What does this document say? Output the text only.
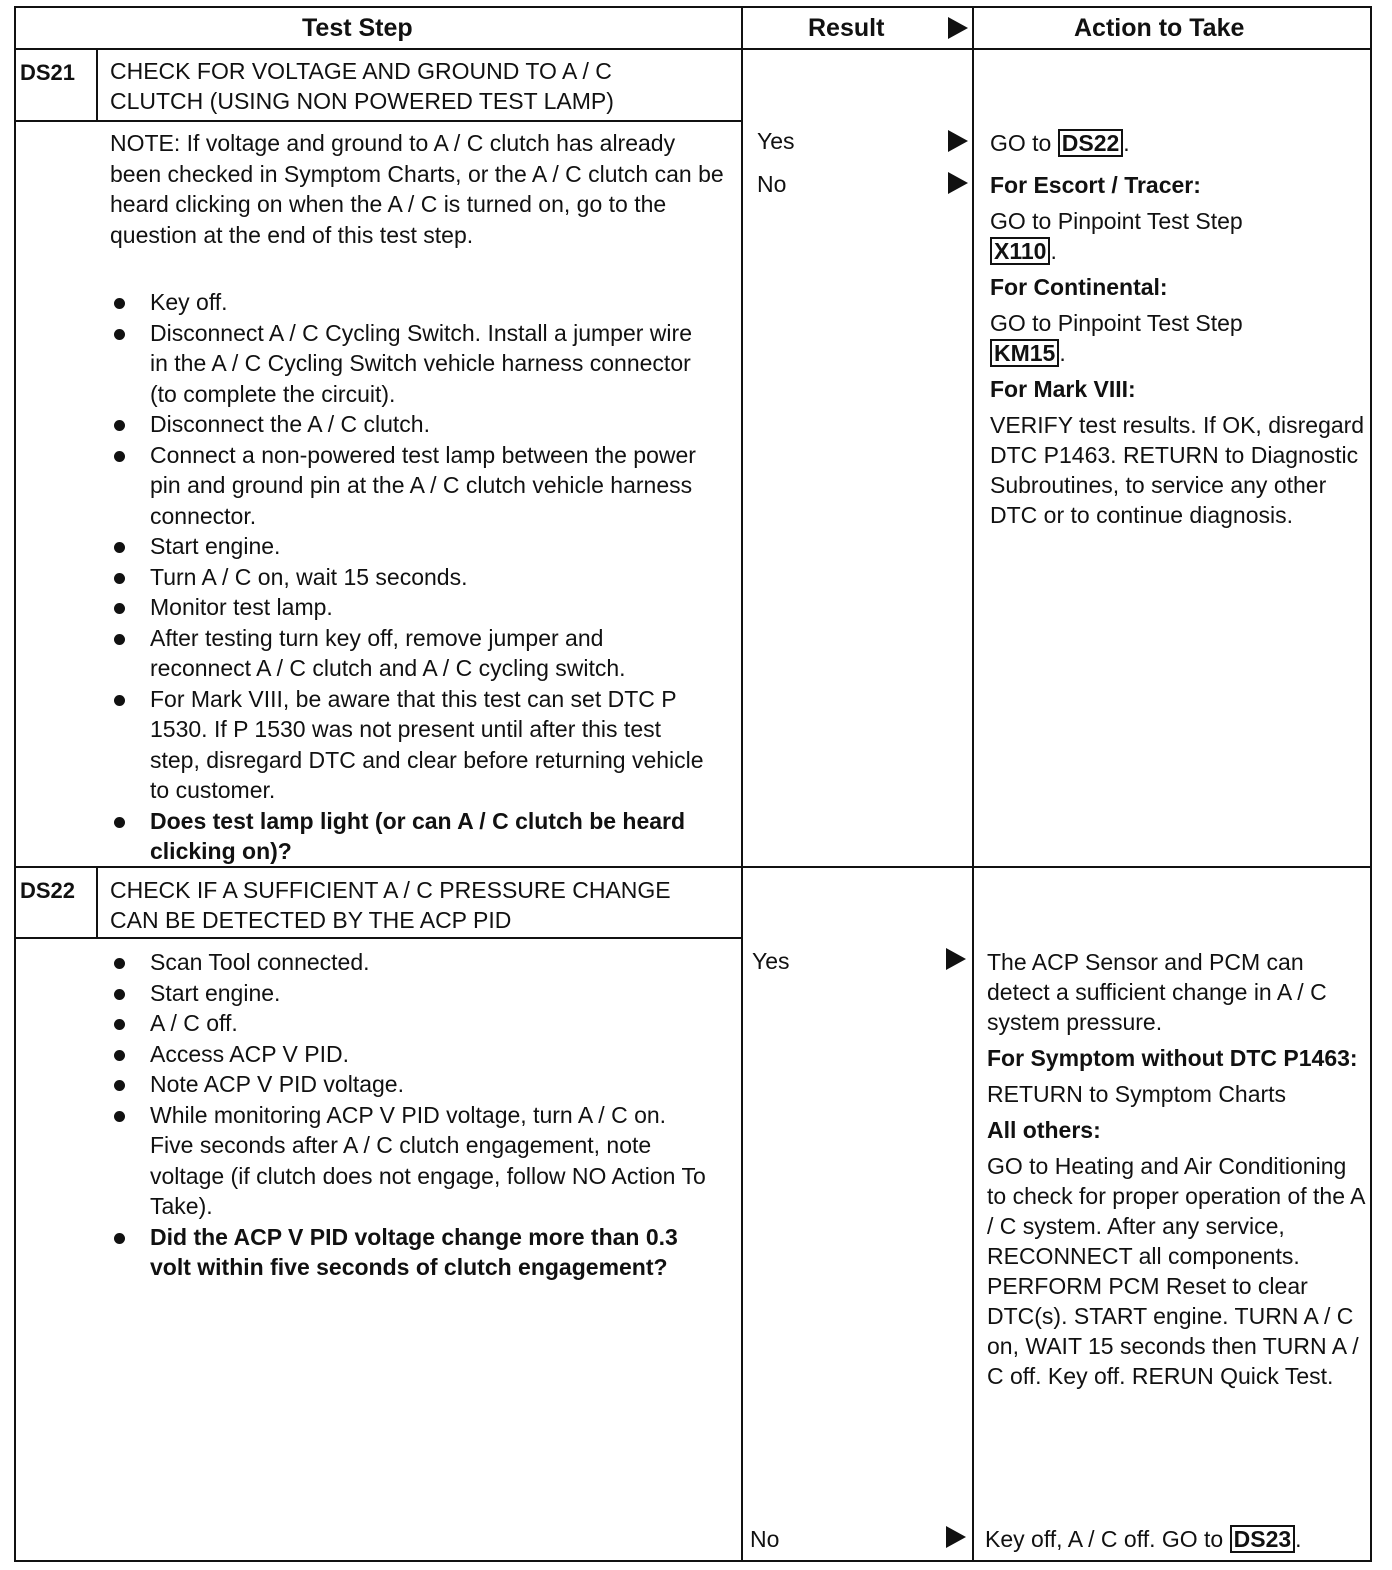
Test Step	Result	Action to Take
DS21 CHECK FOR VOLTAGE AND GROUND TO A / C CLUTCH (USING NON POWERED TEST LAMP)
NOTE: If voltage and ground to A / C clutch has already been checked in Symptom Charts, or the A / C clutch can be heard clicking on when the A / C is turned on, go to the question at the end of this test step.
Key off.
Disconnect A / C Cycling Switch. Install a jumper wire in the A / C Cycling Switch vehicle harness connector (to complete the circuit).
Disconnect the A / C clutch.
Connect a non-powered test lamp between the power pin and ground pin at the A / C clutch vehicle harness connector.
Start engine.
Turn A / C on, wait 15 seconds.
Monitor test lamp.
After testing turn key off, remove jumper and reconnect A / C clutch and A / C cycling switch.
For Mark VIII, be aware that this test can set DTC P 1530. If P 1530 was not present until after this test step, disregard DTC and clear before returning vehicle to customer.
Does test lamp light (or can A / C clutch be heard clicking on)?
Yes
No

GO to DS22 .

For Escort / Tracer:

GO to Pinpoint Test Step
X110 .

For Continental:

GO to Pinpoint Test Step
KM15 .

For Mark VIII:

VERIFY test results. If OK, disregard DTC P1463. RETURN to Diagnostic Subroutines, to service any other DTC or to continue diagnosis.

DS22 CHECK IF A SUFFICIENT A / C PRESSURE CHANGE CAN BE DETECTED BY THE ACP PID
Scan Tool connected.
Start engine.
A / C off.
Access ACP V PID.
Note ACP V PID voltage.
While monitoring ACP V PID voltage, turn A / C on. Five seconds after A / C clutch engagement, note voltage (if clutch does not engage, follow NO Action To Take).
Did the ACP V PID voltage change more than 0.3 volt within five seconds of clutch engagement?
Yes
No

The ACP Sensor and PCM can detect a sufficient change in A / C system pressure.

For Symptom without DTC P1463:

RETURN to Symptom Charts

All others:

GO to Heating and Air Conditioning to check for proper operation of the A / C system. After any service, RECONNECT all components. PERFORM PCM Reset to clear DTC(s). START engine. TURN A / C on, WAIT 15 seconds then TURN A / C off. Key off. RERUN Quick Test.

Key off, A / C off. GO to DS23 .
